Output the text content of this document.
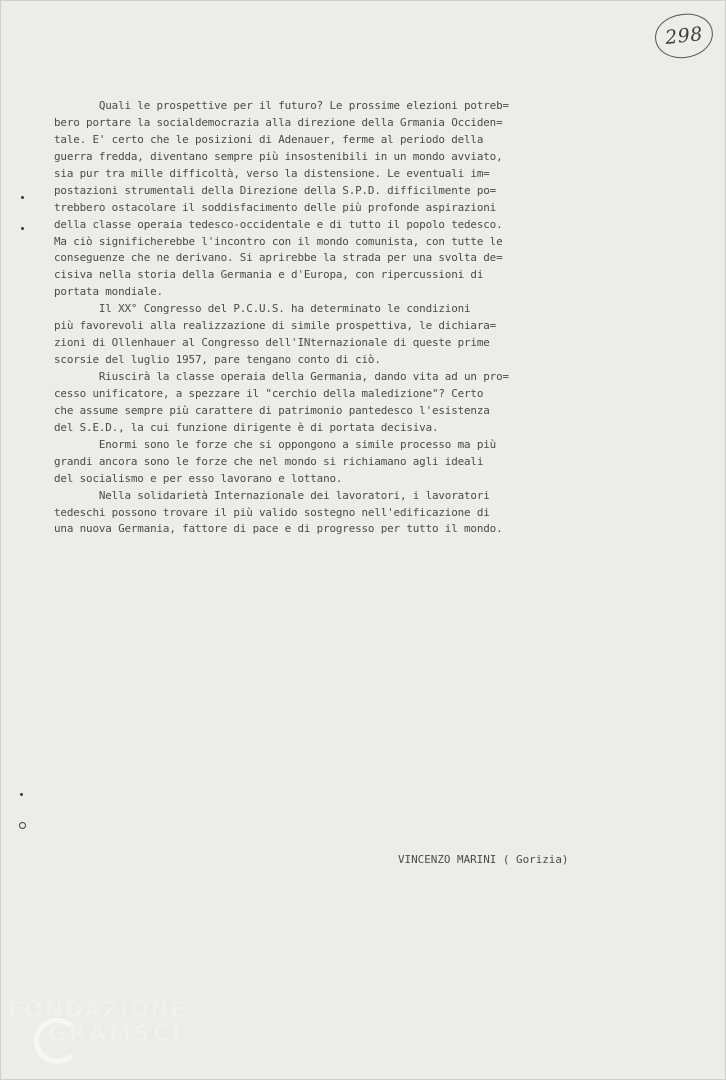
298
Quali le prospettive per il futuro? Le prossime elezioni potreb=
bero portare la socialdemocrazia alla direzione della Grmania Occiden=
tale. E' certo che le posizioni di Adenauer, ferme al periodo della
guerra fredda, diventano sempre più insostenibili in un mondo avviato,
sia pur tra mille difficoltà, verso la distensione. Le eventuali im=
postazioni strumentali della Direzione della S.P.D. difficilmente po=
trebbero ostacolare il soddisfacimento delle più profonde aspirazioni
della classe operaia tedesco-occidentale e di tutto il popolo tedesco.
Ma ciò significherebbe l'incontro con il mondo comunista, con tutte le
conseguenze che ne derivano. Si aprirebbe la strada per una svolta de=
cisiva nella storia della Germania e d'Europa, con ripercussioni di
portata mondiale.
Il XX° Congresso del P.C.U.S. ha determinato le condizioni
più favorevoli alla realizzazione di simile prospettiva, le dichiara=
zioni di Ollenhauer al Congresso dell'INternazionale di queste prime
scorsie del luglio 1957, pare tengano conto di ciò.
Riuscirà la classe operaia della Germania, dando vita ad un pro=
cesso unificatore, a spezzare il "cerchio della maledizione"? Certo
che assume sempre più carattere di patrimonio pantedesco l'esistenza
del S.E.D., la cui funzione dirigente è di portata decisiva.
Enormi sono le forze che si oppongono a simile processo ma più
grandi ancora sono le forze che nel mondo si richiamano agli ideali
del socialismo e per esso lavorano e lottano.
Nella solidarietà Internazionale dei lavoratori, i lavoratori
tedeschi possono trovare il più valido sostegno nell'edificazione di
una nuova Germania, fattore di pace e di progresso per tutto il mondo.
VINCENZO MARINI ( Gorizia)
FONDAZIONE
GRAMSCI
